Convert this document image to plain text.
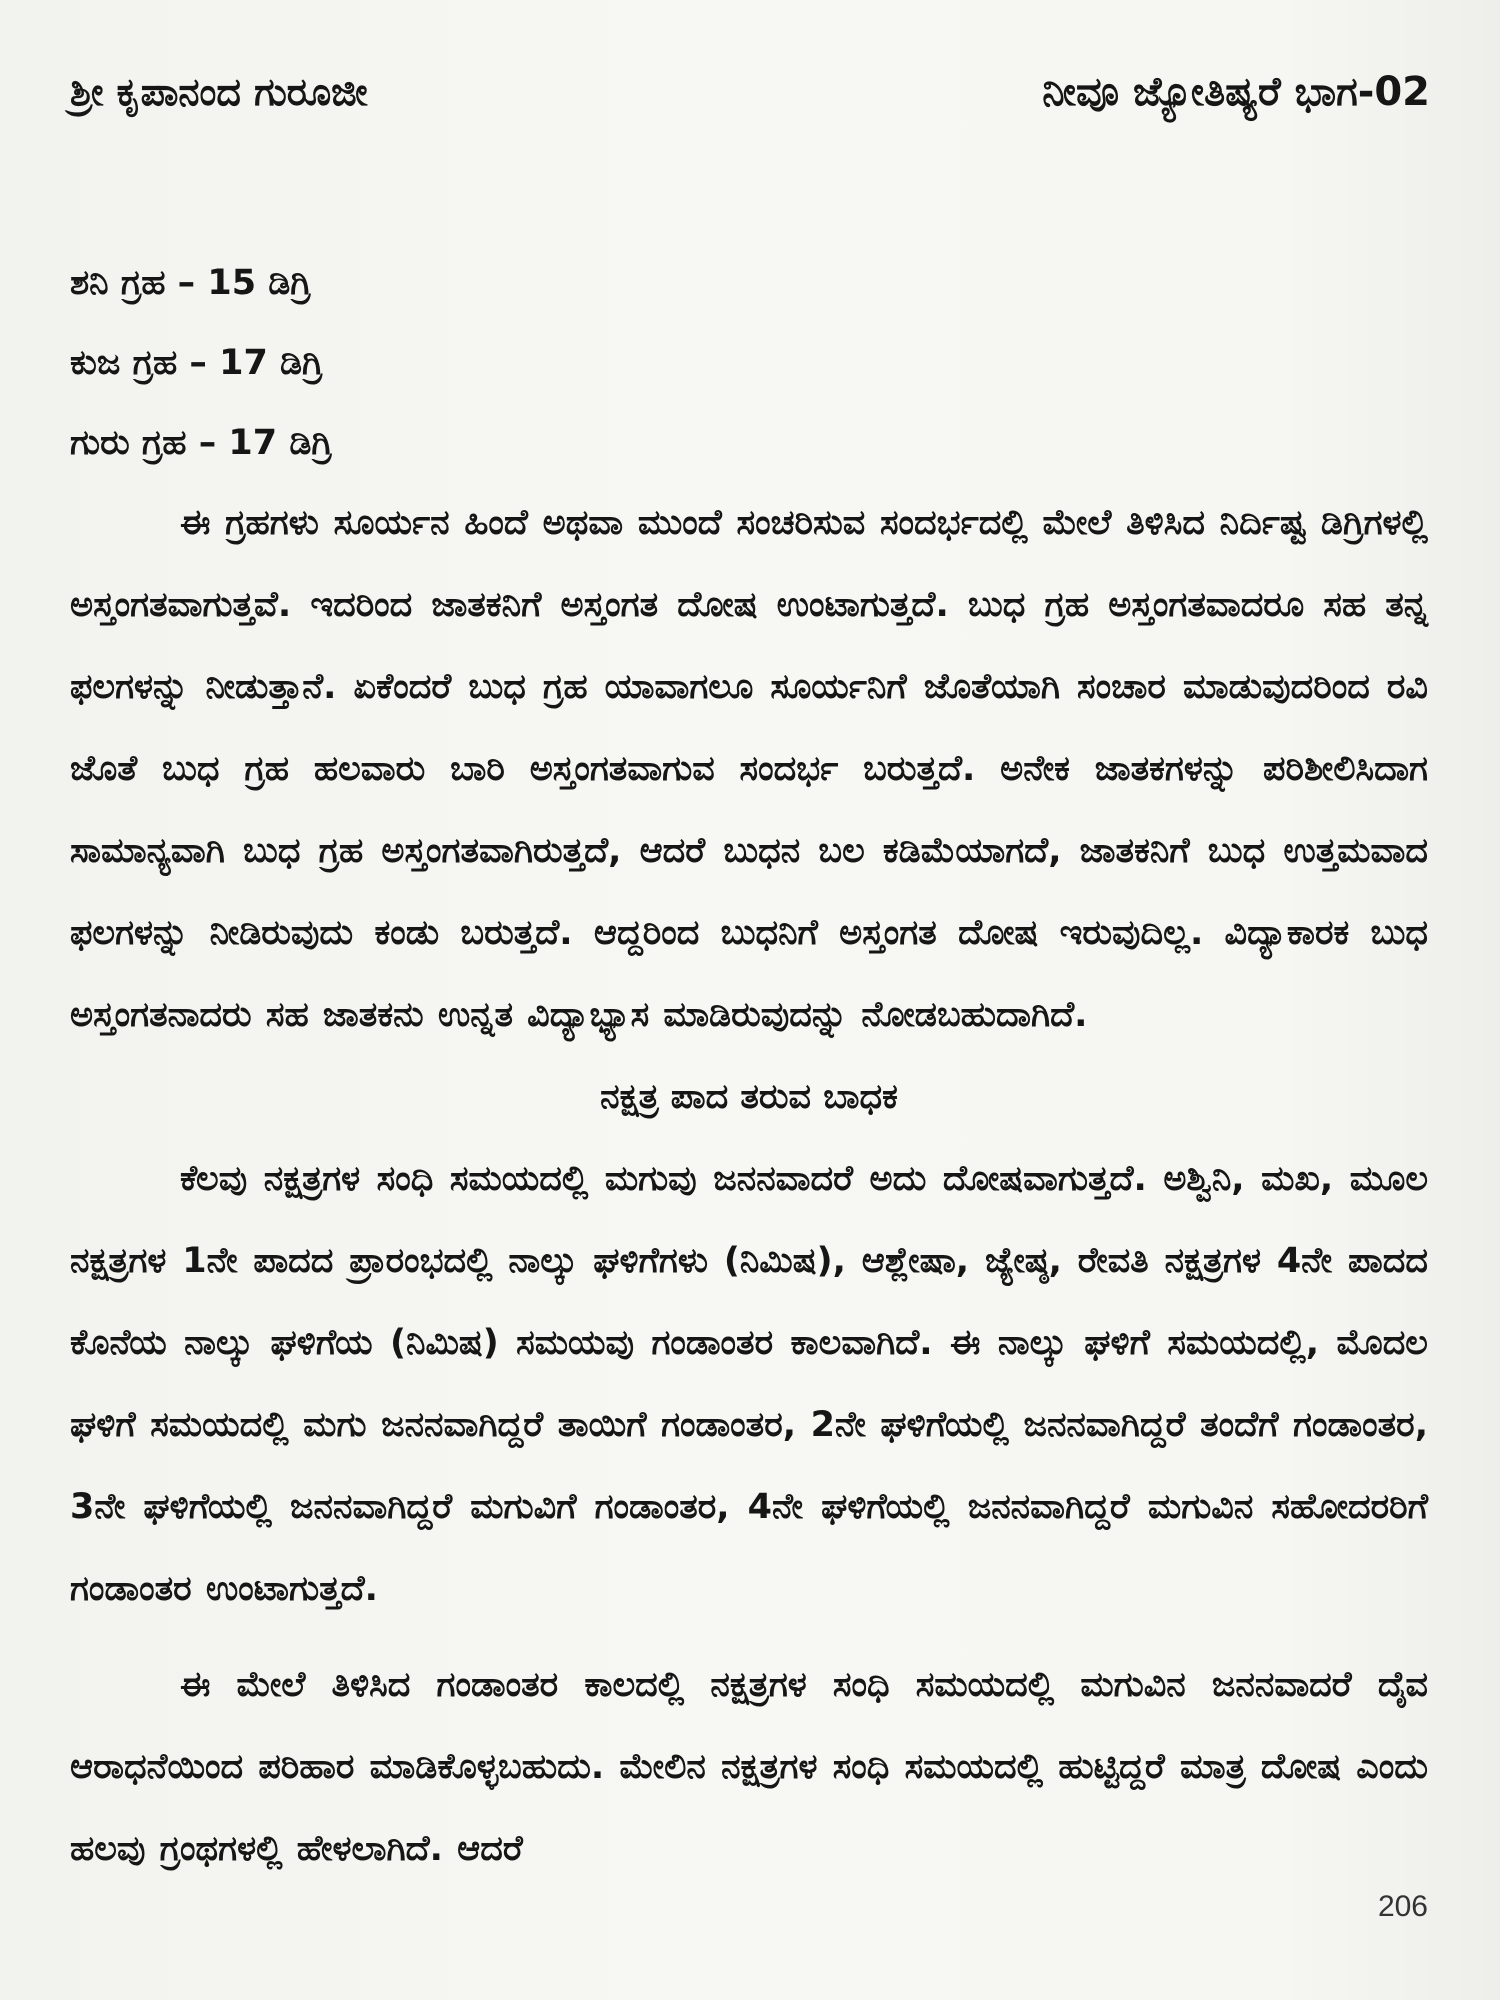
ಶ್ರೀ ಕೃಪಾನಂದ ಗುರೂಜೀ	ನೀವೂ ಜ್ಯೋತಿಷ್ಯರೆ ಭಾಗ-02

ಶನಿ ಗ್ರಹ – 15 ಡಿಗ್ರಿ

ಕುಜ ಗ್ರಹ – 17 ಡಿಗ್ರಿ

ಗುರು ಗ್ರಹ – 17 ಡಿಗ್ರಿ

ಈ ಗ್ರಹಗಳು ಸೂರ್ಯನ ಹಿಂದೆ ಅಥವಾ ಮುಂದೆ ಸಂಚರಿಸುವ ಸಂದರ್ಭದಲ್ಲಿ ಮೇಲೆ ತಿಳಿಸಿದ ನಿರ್ದಿಷ್ಟ ಡಿಗ್ರಿಗಳಲ್ಲಿ ಅಸ್ತಂಗತವಾಗುತ್ತವೆ. ಇದರಿಂದ ಜಾತಕನಿಗೆ ಅಸ್ತಂಗತ ದೋಷ ಉಂಟಾಗುತ್ತದೆ. ಬುಧ ಗ್ರಹ ಅಸ್ತಂಗತವಾದರೂ ಸಹ ತನ್ನ ಫಲಗಳನ್ನು ನೀಡುತ್ತಾನೆ. ಏಕೆಂದರೆ ಬುಧ ಗ್ರಹ ಯಾವಾಗಲೂ ಸೂರ್ಯನಿಗೆ ಜೊತೆಯಾಗಿ ಸಂಚಾರ ಮಾಡುವುದರಿಂದ ರವಿ ಜೊತೆ ಬುಧ ಗ್ರಹ ಹಲವಾರು ಬಾರಿ ಅಸ್ತಂಗತವಾಗುವ ಸಂದರ್ಭ ಬರುತ್ತದೆ. ಅನೇಕ ಜಾತಕಗಳನ್ನು ಪರಿಶೀಲಿಸಿದಾಗ ಸಾಮಾನ್ಯವಾಗಿ ಬುಧ ಗ್ರಹ ಅಸ್ತಂಗತವಾಗಿರುತ್ತದೆ, ಆದರೆ ಬುಧನ ಬಲ ಕಡಿಮೆಯಾಗದೆ, ಜಾತಕನಿಗೆ ಬುಧ ಉತ್ತಮವಾದ ಫಲಗಳನ್ನು ನೀಡಿರುವುದು ಕಂಡು ಬರುತ್ತದೆ. ಆದ್ದರಿಂದ ಬುಧನಿಗೆ ಅಸ್ತಂಗತ ದೋಷ ಇರುವುದಿಲ್ಲ. ವಿದ್ಯಾಕಾರಕ ಬುಧ ಅಸ್ತಂಗತನಾದರು ಸಹ ಜಾತಕನು ಉನ್ನತ ವಿದ್ಯಾಭ್ಯಾಸ ಮಾಡಿರುವುದನ್ನು ನೋಡಬಹುದಾಗಿದೆ.

ನಕ್ಷತ್ರ ಪಾದ ತರುವ ಬಾಧಕ

ಕೆಲವು ನಕ್ಷತ್ರಗಳ ಸಂಧಿ ಸಮಯದಲ್ಲಿ ಮಗುವು ಜನನವಾದರೆ ಅದು ದೋಷವಾಗುತ್ತದೆ. ಅಶ್ವಿನಿ, ಮಖ, ಮೂಲ ನಕ್ಷತ್ರಗಳ 1ನೇ ಪಾದದ ಪ್ರಾರಂಭದಲ್ಲಿ ನಾಲ್ಕು ಘಳಿಗೆಗಳು (ನಿಮಿಷ), ಆಶ್ಲೇಷಾ, ಜ್ಯೇಷ್ಠ, ರೇವತಿ ನಕ್ಷತ್ರಗಳ 4ನೇ ಪಾದದ ಕೊನೆಯ ನಾಲ್ಕು ಘಳಿಗೆಯ (ನಿಮಿಷ) ಸಮಯವು ಗಂಡಾಂತರ ಕಾಲವಾಗಿದೆ. ಈ ನಾಲ್ಕು ಘಳಿಗೆ ಸಮಯದಲ್ಲಿ, ಮೊದಲ ಘಳಿಗೆ ಸಮಯದಲ್ಲಿ ಮಗು ಜನನವಾಗಿದ್ದರೆ ತಾಯಿಗೆ ಗಂಡಾಂತರ, 2ನೇ ಘಳಿಗೆಯಲ್ಲಿ ಜನನವಾಗಿದ್ದರೆ ತಂದೆಗೆ ಗಂಡಾಂತರ, 3ನೇ ಘಳಿಗೆಯಲ್ಲಿ ಜನನವಾಗಿದ್ದರೆ ಮಗುವಿಗೆ ಗಂಡಾಂತರ, 4ನೇ ಘಳಿಗೆಯಲ್ಲಿ ಜನನವಾಗಿದ್ದರೆ ಮಗುವಿನ ಸಹೋದರರಿಗೆ ಗಂಡಾಂತರ ಉಂಟಾಗುತ್ತದೆ.

ಈ ಮೇಲೆ ತಿಳಿಸಿದ ಗಂಡಾಂತರ ಕಾಲದಲ್ಲಿ ನಕ್ಷತ್ರಗಳ ಸಂಧಿ ಸಮಯದಲ್ಲಿ ಮಗುವಿನ ಜನನವಾದರೆ ದೈವ ಆರಾಧನೆಯಿಂದ ಪರಿಹಾರ ಮಾಡಿಕೊಳ್ಳಬಹುದು. ಮೇಲಿನ ನಕ್ಷತ್ರಗಳ ಸಂಧಿ ಸಮಯದಲ್ಲಿ ಹುಟ್ಟಿದ್ದರೆ ಮಾತ್ರ ದೋಷ ಎಂದು ಹಲವು ಗ್ರಂಥಗಳಲ್ಲಿ ಹೇಳಲಾಗಿದೆ. ಆದರೆ

206
